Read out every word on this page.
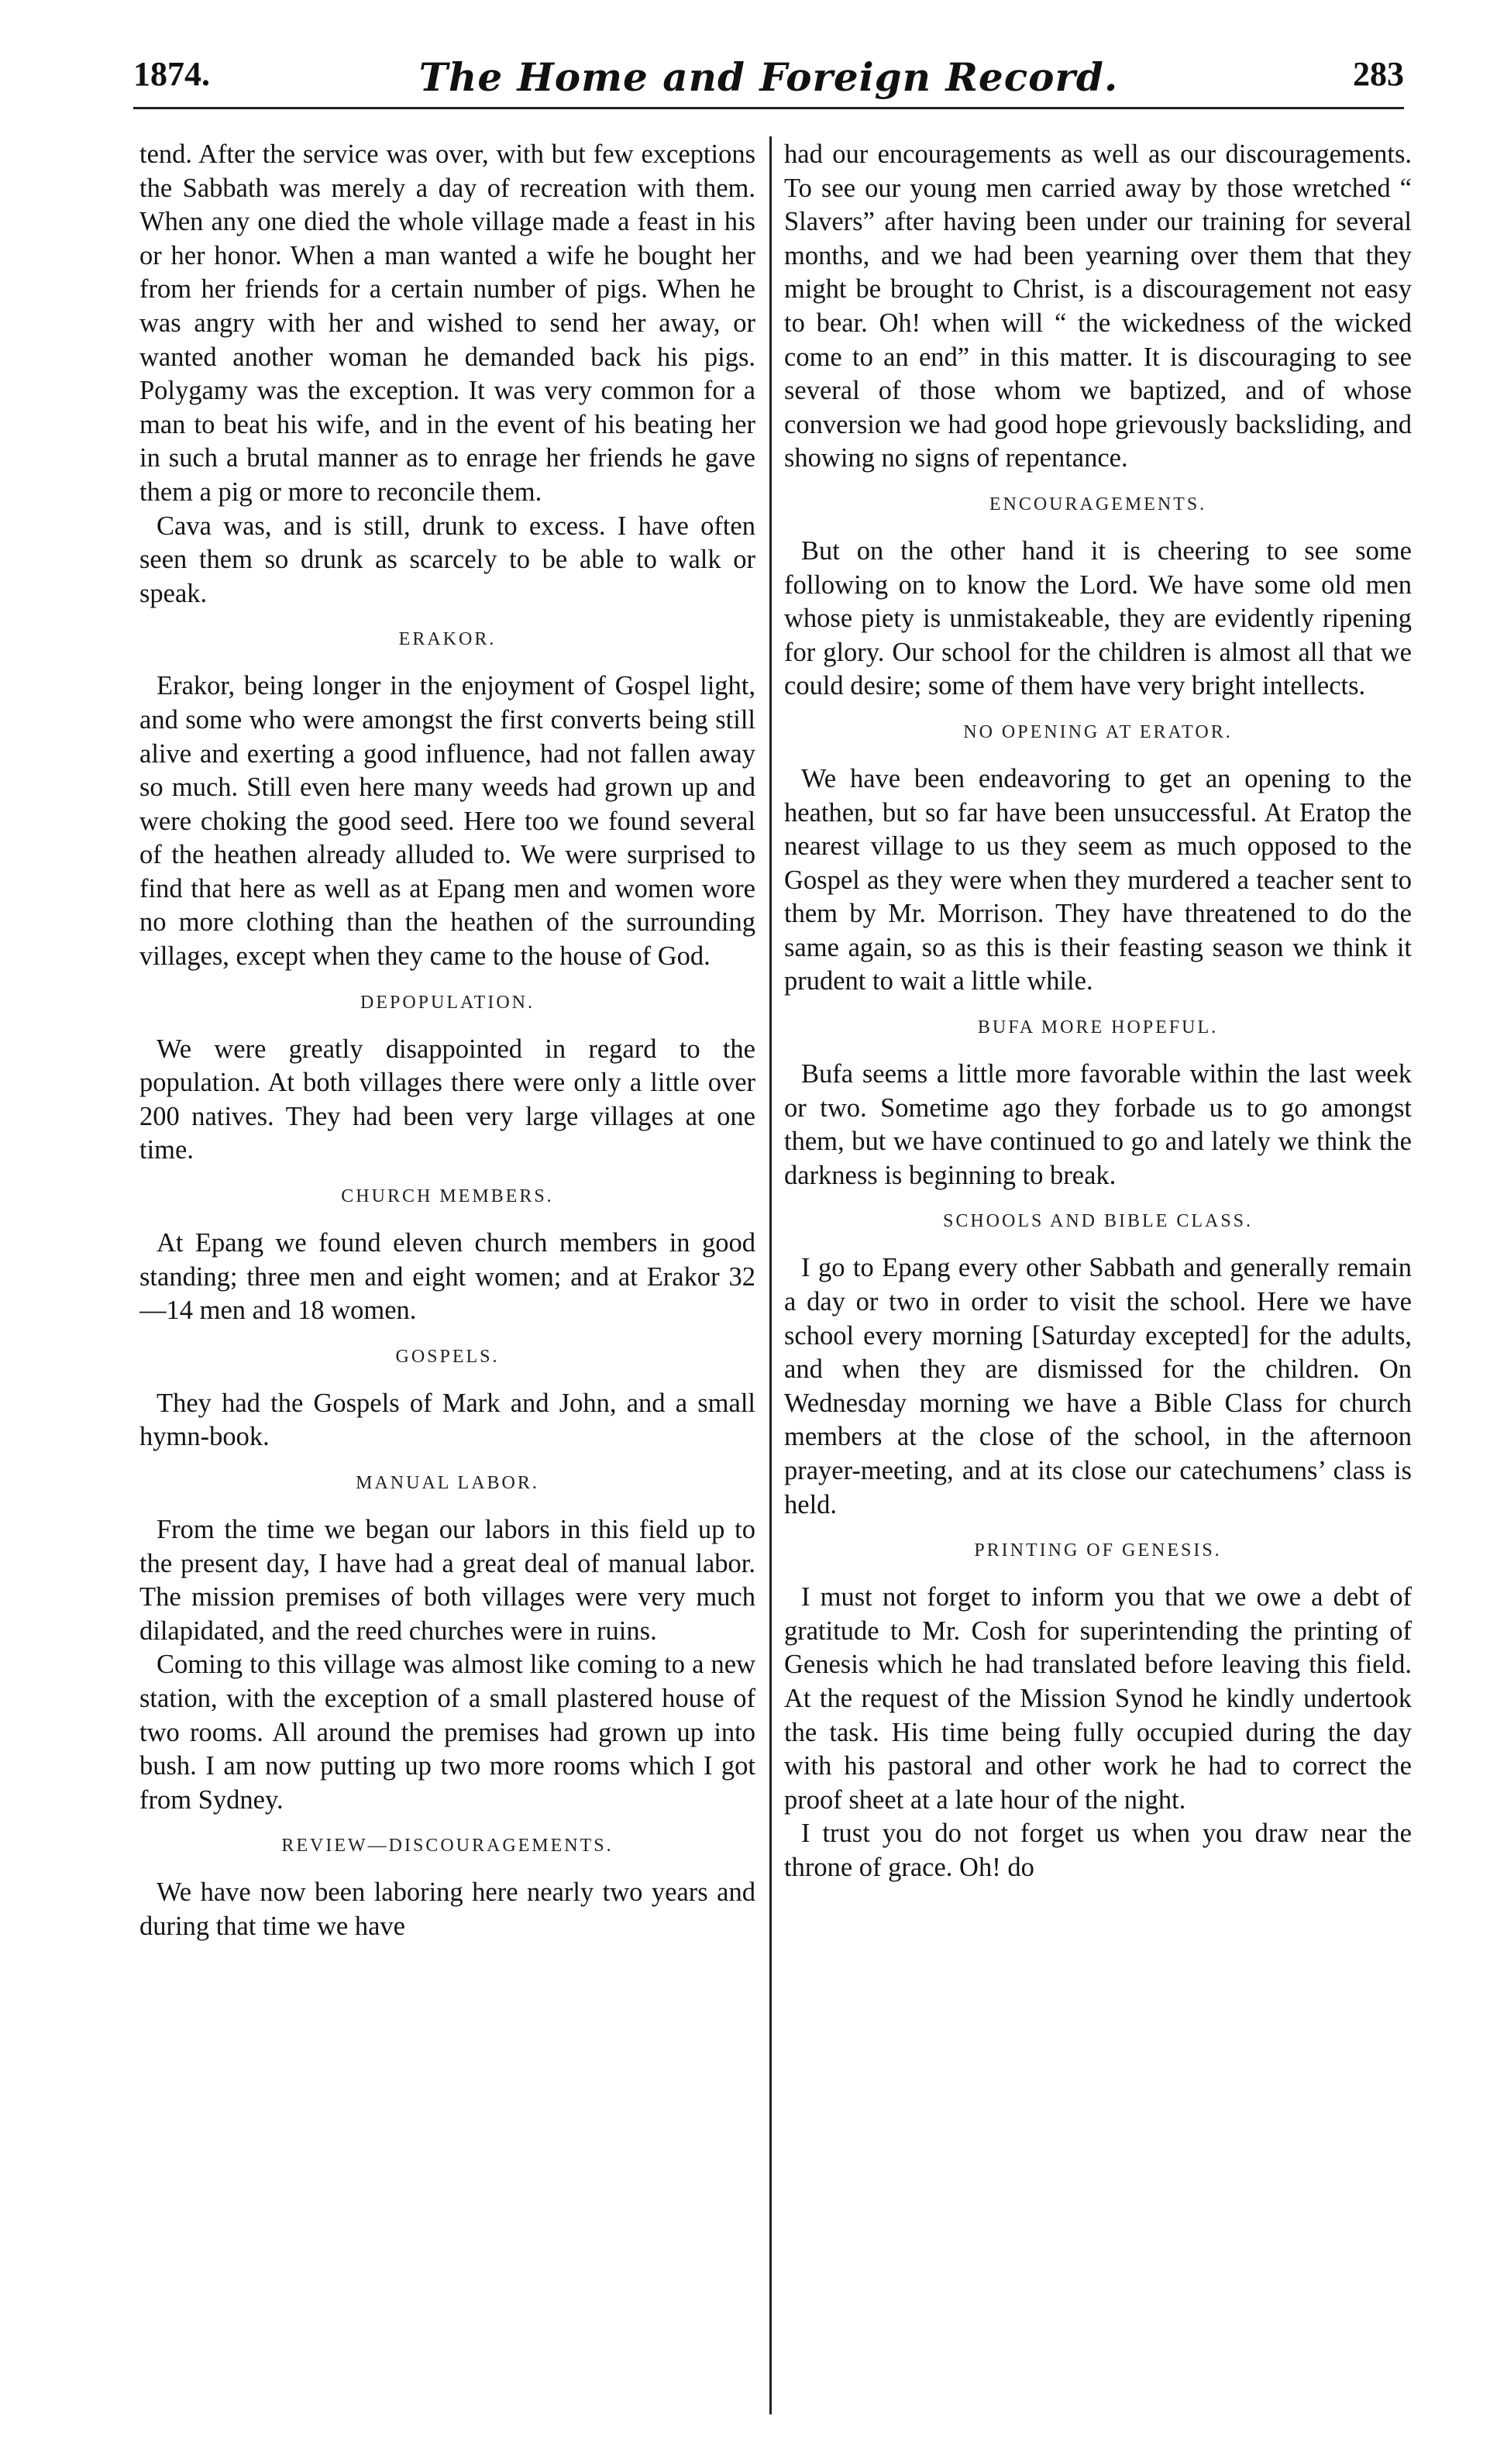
1874.	The Home and Foreign Record.	283

tend. After the service was over, with but few exceptions the Sabbath was merely a day of recreation with them. When any one died the whole village made a feast in his or her honor. When a man wanted a wife he bought her from her friends for a certain number of pigs. When he was angry with her and wished to send her away, or wanted another woman he demanded back his pigs. Polygamy was the exception. It was very common for a man to beat his wife, and in the event of his beating her in such a brutal manner as to enrage her friends he gave them a pig or more to reconcile them.

Cava was, and is still, drunk to excess. I have often seen them so drunk as scarcely to be able to walk or speak.

ERAKOR.

Erakor, being longer in the enjoyment of Gospel light, and some who were amongst the first converts being still alive and exerting a good influence, had not fallen away so much. Still even here many weeds had grown up and were choking the good seed. Here too we found several of the heathen already alluded to. We were surprised to find that here as well as at Epang men and women wore no more clothing than the heathen of the surrounding villages, except when they came to the house of God.

DEPOPULATION.

We were greatly disappointed in regard to the population. At both villages there were only a little over 200 natives. They had been very large villages at one time.

CHURCH MEMBERS.

At Epang we found eleven church members in good standing; three men and eight women; and at Erakor 32—14 men and 18 women.

GOSPELS.

They had the Gospels of Mark and John, and a small hymn-book.

MANUAL LABOR.

From the time we began our labors in this field up to the present day, I have had a great deal of manual labor. The mission premises of both villages were very much dilapidated, and the reed churches were in ruins.

Coming to this village was almost like coming to a new station, with the exception of a small plastered house of two rooms. All around the premises had grown up into bush. I am now putting up two more rooms which I got from Sydney.

REVIEW—DISCOURAGEMENTS.

We have now been laboring here nearly two years and during that time we have

had our encouragements as well as our discouragements. To see our young men carried away by those wretched “ Slavers” after having been under our training for several months, and we had been yearning over them that they might be brought to Christ, is a discouragement not easy to bear. Oh! when will “ the wickedness of the wicked come to an end” in this matter. It is discouraging to see several of those whom we baptized, and of whose conversion we had good hope grievously backsliding, and showing no signs of repentance.

ENCOURAGEMENTS.

But on the other hand it is cheering to see some following on to know the Lord. We have some old men whose piety is unmistakeable, they are evidently ripening for glory. Our school for the children is almost all that we could desire; some of them have very bright intellects.

NO OPENING AT ERATOR.

We have been endeavoring to get an opening to the heathen, but so far have been unsuccessful. At Eratop the nearest village to us they seem as much opposed to the Gospel as they were when they murdered a teacher sent to them by Mr. Morrison. They have threatened to do the same again, so as this is their feasting season we think it prudent to wait a little while.

BUFA MORE HOPEFUL.

Bufa seems a little more favorable within the last week or two. Sometime ago they forbade us to go amongst them, but we have continued to go and lately we think the darkness is beginning to break.

SCHOOLS AND BIBLE CLASS.

I go to Epang every other Sabbath and generally remain a day or two in order to visit the school. Here we have school every morning [Saturday excepted] for the adults, and when they are dismissed for the children. On Wednesday morning we have a Bible Class for church members at the close of the school, in the afternoon prayer-meeting, and at its close our catechumens’ class is held.

PRINTING OF GENESIS.

I must not forget to inform you that we owe a debt of gratitude to Mr. Cosh for superintending the printing of Genesis which he had translated before leaving this field. At the request of the Mission Synod he kindly undertook the task. His time being fully occupied during the day with his pastoral and other work he had to correct the proof sheet at a late hour of the night.

I trust you do not forget us when you draw near the throne of grace. Oh! do
